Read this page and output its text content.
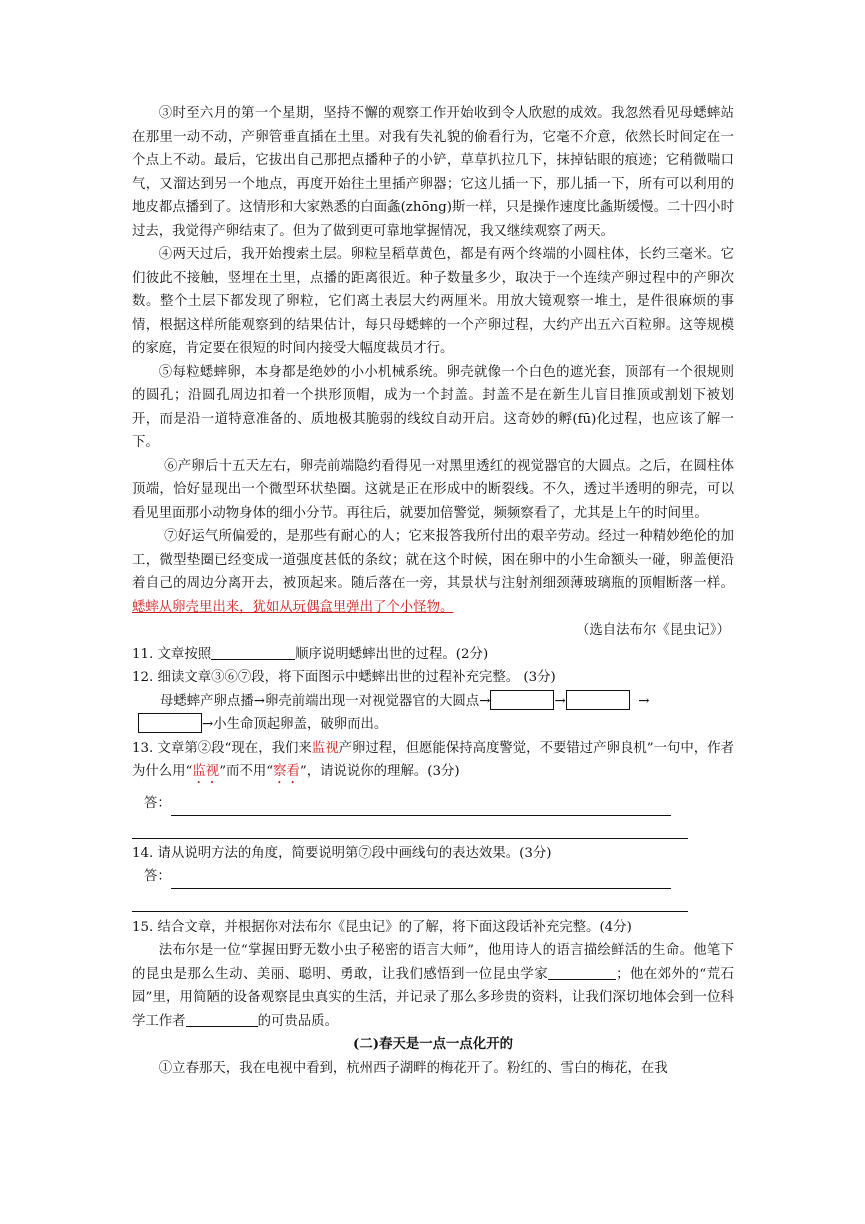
③时至六月的第一个星期，坚持不懈的观察工作开始收到令人欣慰的成效。我忽然看见母蟋蟀站在那里一动不动，产卵管垂直插在土里。对我有失礼貌的偷看行为，它毫不介意，依然长时间定在一个点上不动。最后，它拔出自己那把点播种子的小铲，草草扒拉几下，抹掉钻眼的痕迹；它稍微喘口气，又溜达到另一个地点，再度开始往土里插产卵器；它这儿插一下，那儿插一下，所有可以利用的地皮都点播到了。这情形和大家熟悉的白面螽(zhōng)斯一样，只是操作速度比螽斯缓慢。二十四小时过去，我觉得产卵结束了。但为了做到更可靠地掌握情况，我又继续观察了两天。

④两天过后，我开始搜索土层。卵粒呈稻草黄色，都是有两个终端的小圆柱体，长约三毫米。它们彼此不接触，竖埋在土里，点播的距离很近。种子数量多少，取决于一个连续产卵过程中的产卵次数。整个土层下都发现了卵粒，它们离土表层大约两厘米。用放大镜观察一堆土，是件很麻烦的事情，根据这样所能观察到的结果估计，每只母蟋蟀的一个产卵过程，大约产出五六百粒卵。这等规模的家庭，肯定要在很短的时间内接受大幅度裁员才行。

⑤每粒蟋蟀卵，本身都是绝妙的小小机械系统。卵壳就像一个白色的遮光套，顶部有一个很规则的圆孔；沿圆孔周边扣着一个拱形顶帽，成为一个封盖。封盖不是在新生儿盲目推顶或割划下被划开，而是沿一道特意准备的、质地极其脆弱的线纹自动开启。这奇妙的孵(fū)化过程，也应该了解一下。

⑥产卵后十五天左右，卵壳前端隐约看得见一对黑里透红的视觉器官的大圆点。之后，在圆柱体顶端，恰好显现出一个微型环状垫圈。这就是正在形成中的断裂线。不久，透过半透明的卵壳，可以看见里面那小动物身体的细小分节。再往后，就要加倍警觉，频频察看了，尤其是上午的时间里。

⑦好运气所偏爱的，是那些有耐心的人；它来报答我所付出的艰辛劳动。经过一种精妙绝伦的加工，微型垫圈已经变成一道强度甚低的条纹；就在这个时候，困在卵中的小生命额头一碰，卵盖便沿着自己的周边分离开去，被顶起来。随后落在一旁，其景状与注射剂细颈薄玻璃瓶的顶帽断落一样。蟋蟀从卵壳里出来，犹如从玩偶盒里弹出了个小怪物。

（选自法布尔《昆虫记》）

11. 文章按照	顺序说明蟋蟀出世的过程。(2分)

12. 细读文章③⑥⑦段，将下面图示中蟋蟀出世的过程补充完整。 (3分)

母蟋蟀产卵点播→卵壳前端出现一对视觉器官的大圆点→	→	→

→小生命顶起卵盖，破卵而出。

13. 文章第②段“现在，我们来监视产卵过程，但愿能保持高度警觉，不要错过产卵良机”一句中，作者为什么用“监视”而不用“察看”，请说说你的理解。(3分)

答：

14. 请从说明方法的角度，简要说明第⑦段中画线句的表达效果。(3分)

答：

15. 结合文章，并根据你对法布尔《昆虫记》的了解，将下面这段话补充完整。(4分)

法布尔是一位“掌握田野无数小虫子秘密的语言大师”，他用诗人的语言描绘鲜活的生命。他笔下的昆虫是那么生动、美丽、聪明、勇敢，让我们感悟到一位昆虫学家	；他在郊外的“荒石园”里，用简陋的设备观察昆虫真实的生活，并记录了那么多珍贵的资料，让我们深切地体会到一位科学工作者	的可贵品质。

(二)春天是一点一点化开的

①立春那天，我在电视中看到，杭州西子湖畔的梅花开了。粉红的、雪白的梅花，在我
